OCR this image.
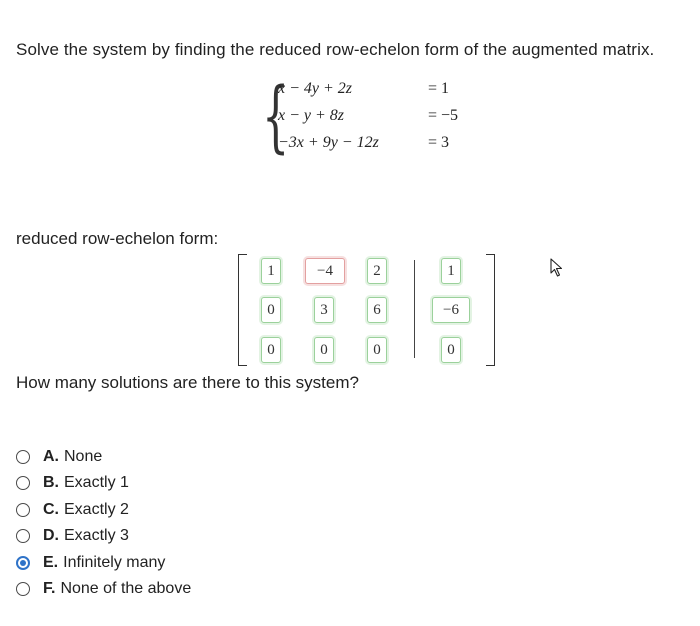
Solve the system by finding the reduced row-echelon form of the augmented matrix.
{
x − 4y + 2z	= 1
x − y + 8z	= −5
−3x + 9y − 12z	= 3
reduced row-echelon form:
1	−4	2	1
0	3	6	−6
0	0	0	0
How many solutions are there to this system?
A. None
B. Exactly 1
C. Exactly 2
D. Exactly 3
E. Infinitely many
F. None of the above
